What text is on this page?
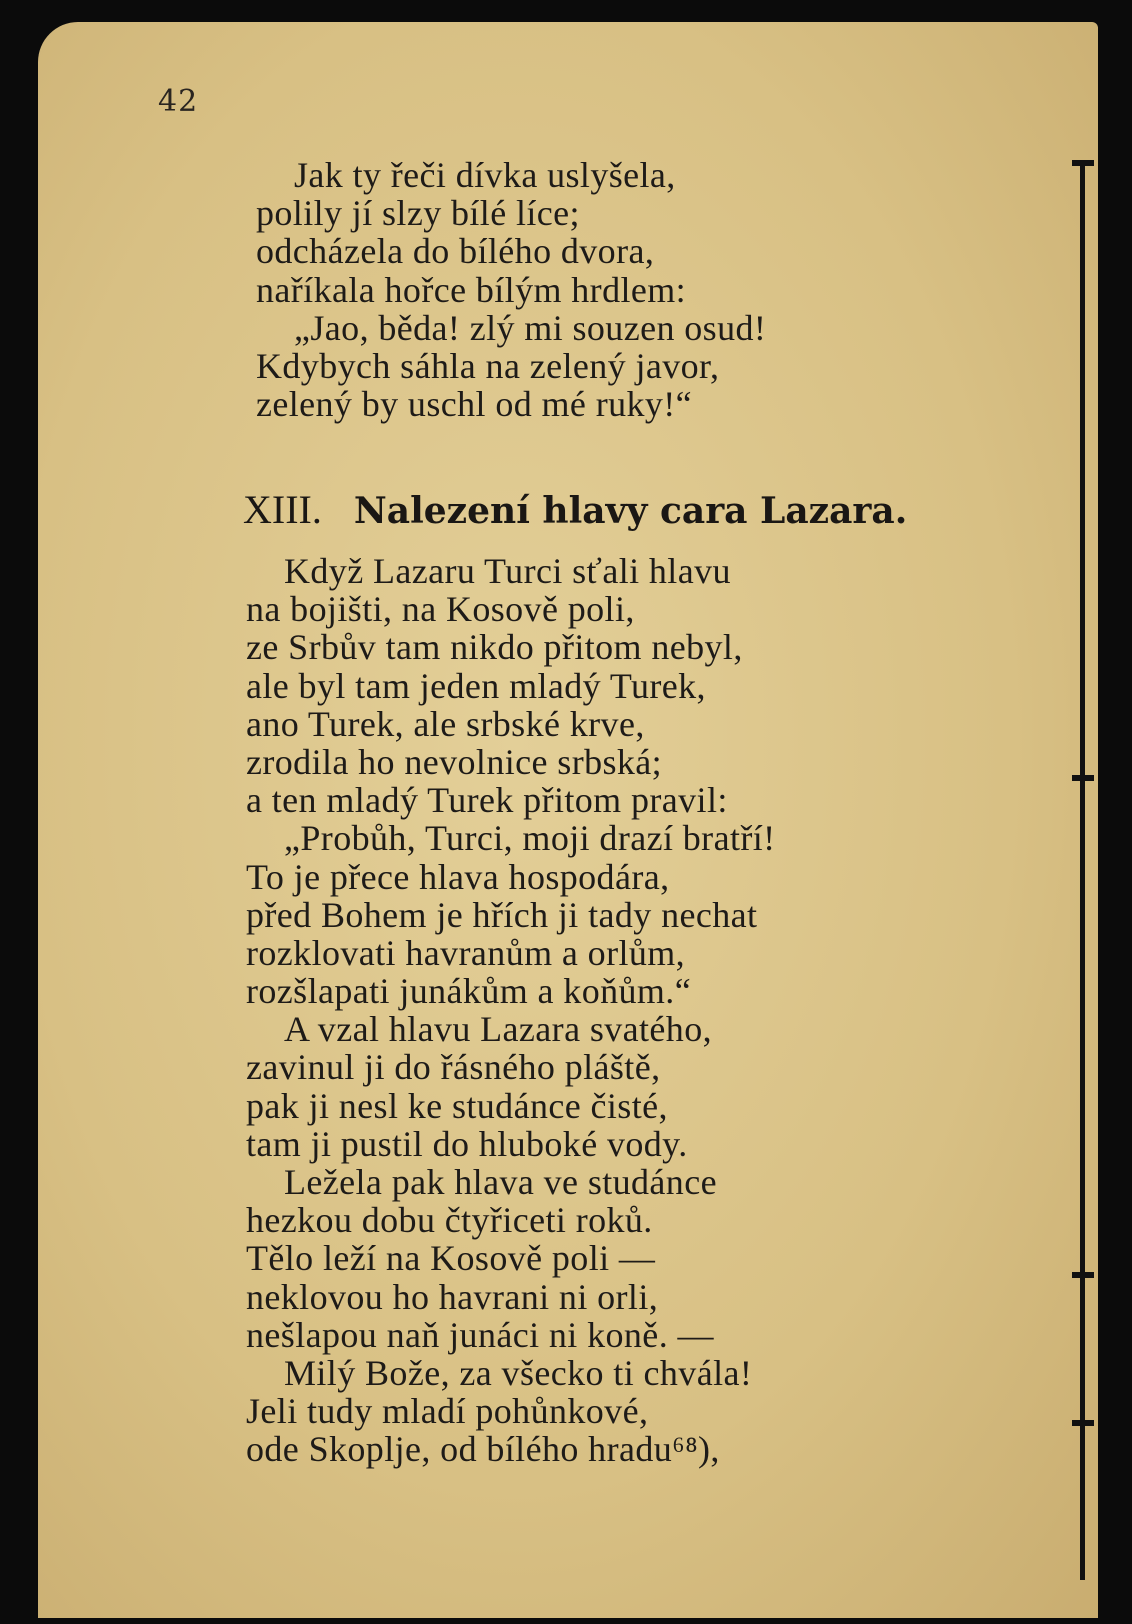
42
Jak ty řeči dívka uslyšela,
polily jí slzy bílé líce;
odcházela do bílého dvora,
naříkala hořce bílým hrdlem:
„Jao, běda! zlý mi souzen osud!
Kdybych sáhla na zelený javor,
zelený by uschl od mé ruky!“
XIII. Nalezení hlavy cara Lazara.
Když Lazaru Turci sťali hlavu
na bojišti, na Kosově poli,
ze Srbův tam nikdo přitom nebyl,
ale byl tam jeden mladý Turek,
ano Turek, ale srbské krve,
zrodila ho nevolnice srbská;
a ten mladý Turek přitom pravil:
„Probůh, Turci, moji drazí bratří!
To je přece hlava hospodára,
před Bohem je hřích ji tady nechat
rozklovati havranům a orlům,
rozšlapati junákům a koňům.“
A vzal hlavu Lazara svatého,
zavinul ji do řásného pláště,
pak ji nesl ke studánce čisté,
tam ji pustil do hluboké vody.
Ležela pak hlava ve studánce
hezkou dobu čtyřiceti roků.
Tělo leží na Kosově poli —
neklovou ho havrani ni orli,
nešlapou naň junáci ni koně. —
Milý Bože, za všecko ti chvála!
Jeli tudy mladí pohůnkové,
ode Skoplje, od bílého hradu⁶⁸),
